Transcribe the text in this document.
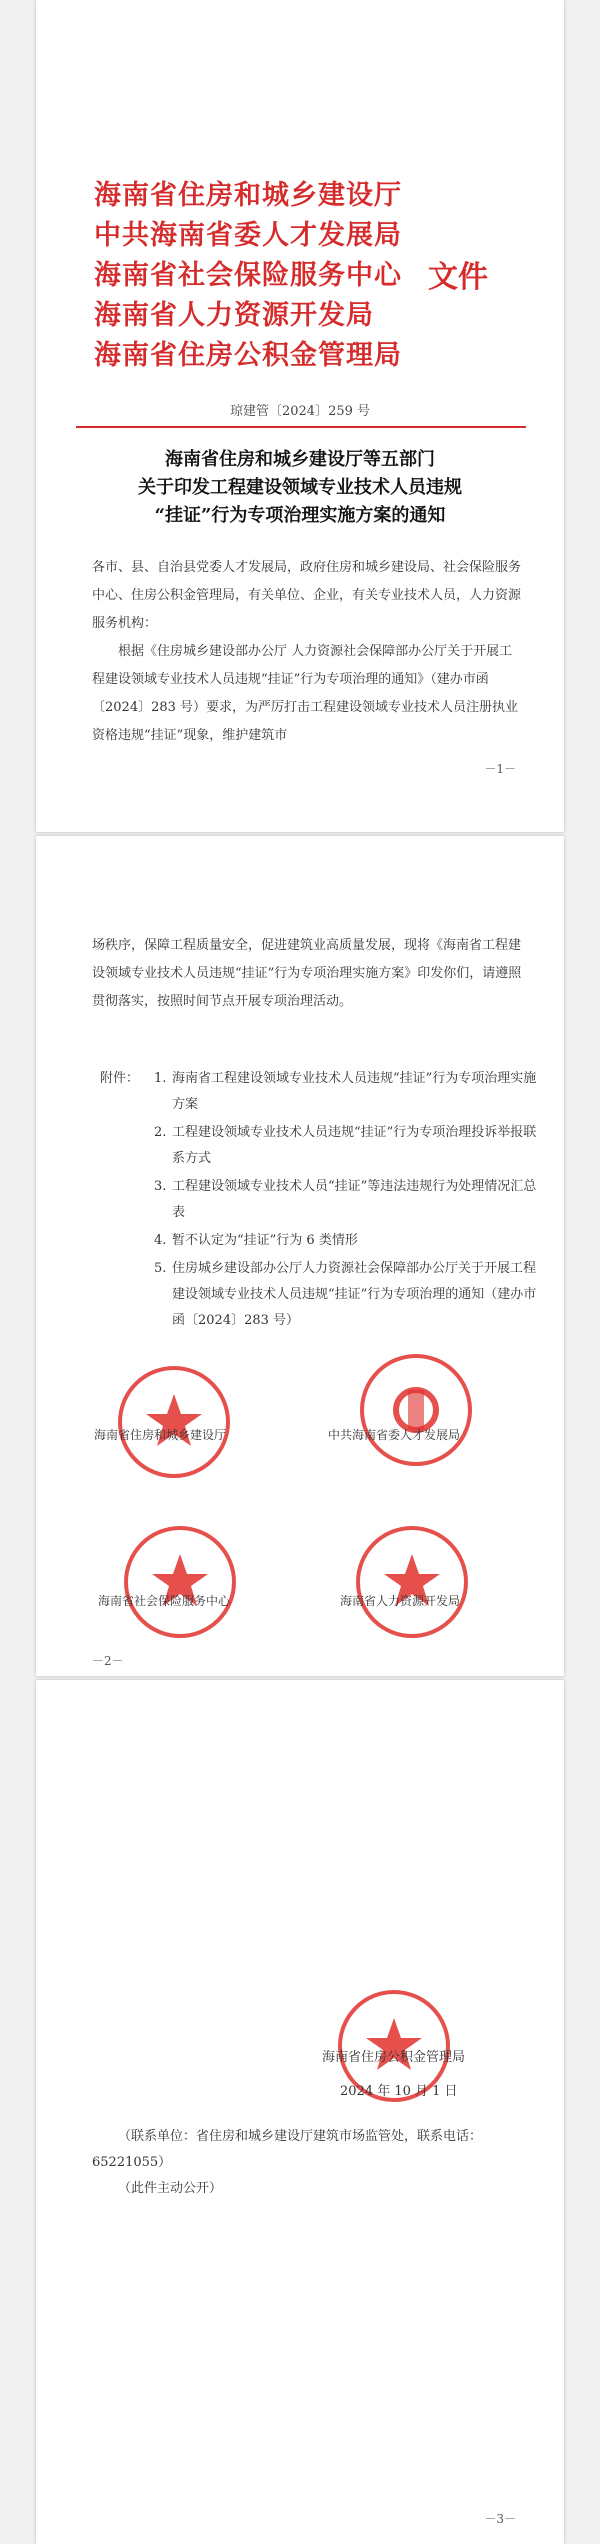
海南省住房和城乡建设厅
中共海南省委人才发展局
海南省社会保险服务中心
海南省人力资源开发局
海南省住房公积金管理局
文件
琼建管〔2024〕259 号
海南省住房和城乡建设厅等五部门
关于印发工程建设领域专业技术人员违规
“挂证”行为专项治理实施方案的通知

各市、县、自治县党委人才发展局，政府住房和城乡建设局、社会保险服务中心、住房公积金管理局，有关单位、企业，有关专业技术人员，人力资源服务机构：

根据《住房城乡建设部办公厅 人力资源社会保障部办公厅关于开展工程建设领域专业技术人员违规“挂证”行为专项治理的通知》（建办市函〔2024〕283 号）要求，为严厉打击工程建设领域专业技术人员注册执业资格违规“挂证”现象，维护建筑市

－1－

场秩序，保障工程质量安全，促进建筑业高质量发展，现将《海南省工程建设领域专业技术人员违规“挂证”行为专项治理实施方案》印发你们，请遵照贯彻落实，按照时间节点开展专项治理活动。

附件：	1. 海南省工程建设领域专业技术人员违规“挂证”行为专项治理实施方案
2. 工程建设领域专业技术人员违规“挂证”行为专项治理投诉举报联系方式
3. 工程建设领域专业技术人员“挂证”等违法违规行为处理情况汇总表
4. 暂不认定为“挂证”行为 6 类情形
5. 住房城乡建设部办公厅人力资源社会保障部办公厅关于开展工程建设领域专业技术人员违规“挂证”行为专项治理的通知（建办市函〔2024〕283 号）
海南省住房和城乡建设厅	中共海南省委人才发展局
海南省社会保险服务中心	海南省人力资源开发局
－2－
海南省住房公积金管理局
2024 年 10 月 1 日

（联系单位：省住房和城乡建设厅建筑市场监管处，联系电话：65221055）

（此件主动公开）

－3－
